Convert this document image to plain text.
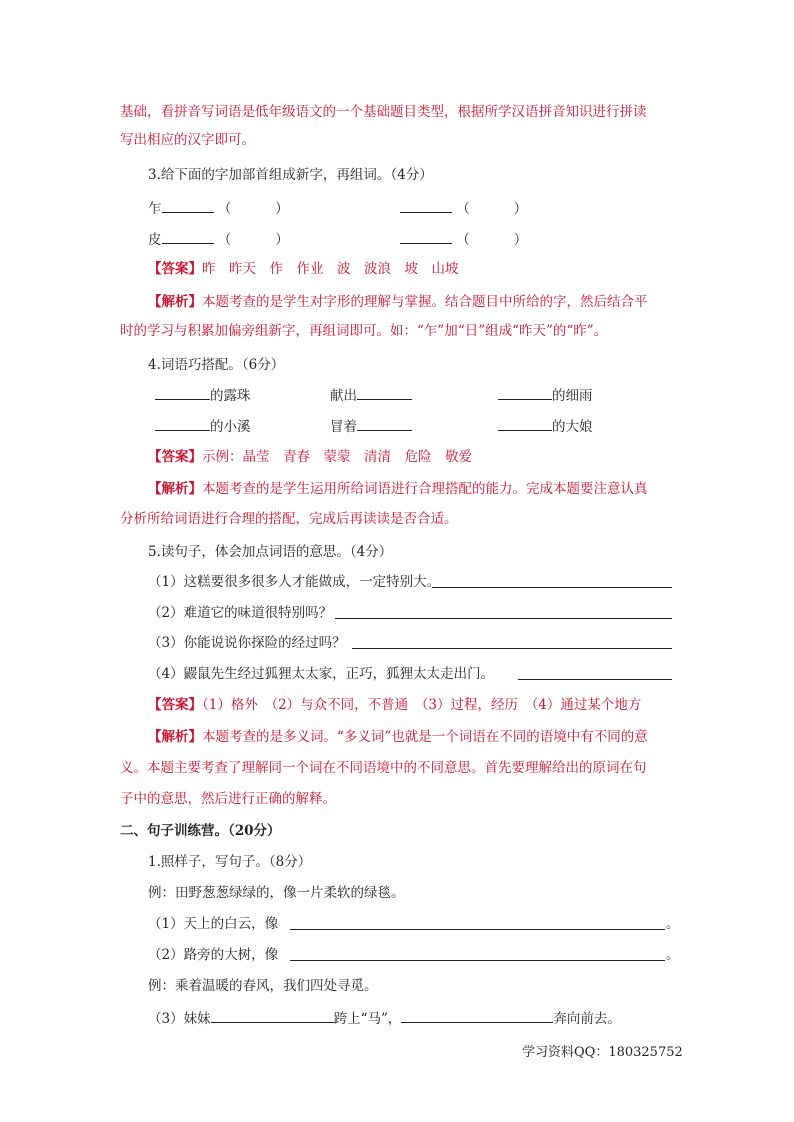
基础，看拼音写词语是低年级语文的一个基础题目类型，根据所学汉语拼音知识进行拼读
写出相应的汉字即可。
3.给下面的字加部首组成新字，再组词。（4分）
乍	（	）	（	）
皮	（	）	（	）
【答案】昨　昨天　作　作业　波　波浪　坡　山坡
【解析】本题考查的是学生对字形的理解与掌握。结合题目中所给的字，然后结合平
时的学习与积累加偏旁组新字，再组词即可。如：“乍”加“日”组成“昨天”的“昨”。
4.词语巧搭配。（6分）
的露珠	献出	的细雨
的小溪	冒着	的大娘
【答案】示例：晶莹　青春　蒙蒙　清清　危险　敬爱
【解析】本题考查的是学生运用所给词语进行合理搭配的能力。完成本题要注意认真
分析所给词语进行合理的搭配，完成后再读读是否合适。
5.读句子，体会加点词语的意思。（4分）
（1）这糕要很多很多人才能做成，一定特别大。
（2）难道它的味道很特别吗？
（3）你能说说你探险的经过吗？
（4）鼹鼠先生经过狐狸太太家，正巧，狐狸太太走出门。
【答案】（1）格外　（2）与众不同，不普通　（3）过程，经历　（4）通过某个地方
【解析】本题考查的是多义词。“多义词”也就是一个词语在不同的语境中有不同的意
义。本题主要考查了理解同一个词在不同语境中的不同意思。首先要理解给出的原词在句
子中的意思，然后进行正确的解释。
二、句子训练营。（20分）
1.照样子，写句子。（8分）
例：田野葱葱绿绿的，像一片柔软的绿毯。
（1）天上的白云，像	。
（2）路旁的大树，像	。
例：乘着温暖的春风，我们四处寻觅。
（3）妹妹	跨上“马”，	奔向前去。
学习资料QQ：180325752
